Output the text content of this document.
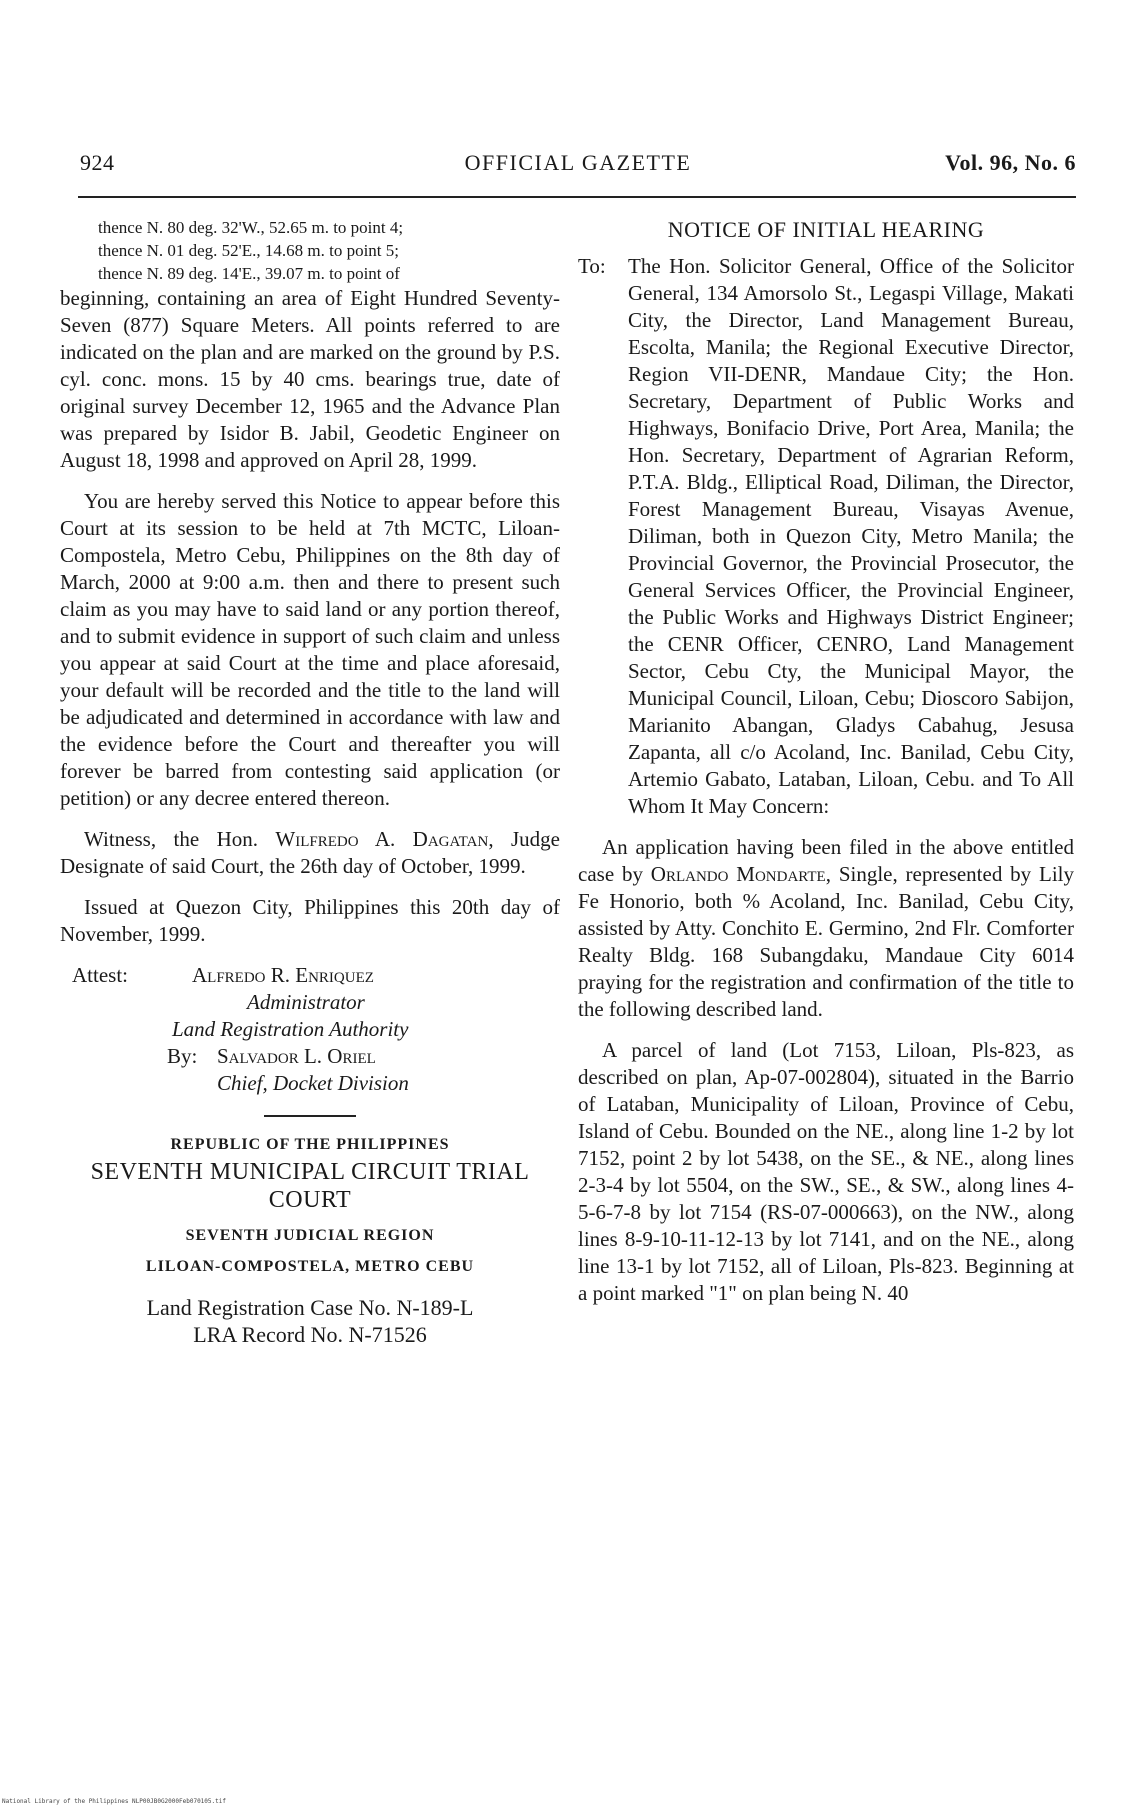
924	OFFICIAL GAZETTE	Vol. 96, No. 6

thence N. 80 deg. 32'W., 52.65 m. to point 4;

thence N. 01 deg. 52'E., 14.68 m. to point 5;

thence N. 89 deg. 14'E., 39.07 m. to point of

beginning, containing an area of Eight Hundred Seventy-Seven (877) Square Meters. All points referred to are indicated on the plan and are marked on the ground by P.S. cyl. conc. mons. 15 by 40 cms. bearings true, date of original survey December 12, 1965 and the Advance Plan was prepared by Isidor B. Jabil, Geodetic Engineer on August 18, 1998 and approved on April 28, 1999.

You are hereby served this Notice to appear before this Court at its session to be held at 7th MCTC, Liloan-Compostela, Metro Cebu, Philippines on the 8th day of March, 2000 at 9:00 a.m. then and there to present such claim as you may have to said land or any portion thereof, and to submit evidence in support of such claim and unless you appear at said Court at the time and place aforesaid, your default will be recorded and the title to the land will be adjudicated and determined in accordance with law and the evidence before the Court and thereafter you will forever be barred from contesting said application (or petition) or any decree entered thereon.

Witness, the Hon. Wilfredo A. Dagatan, Judge Designate of said Court, the 26th day of October, 1999.

Issued at Quezon City, Philippines this 20th day of November, 1999.

Attest:	Alfredo R. Enriquez
Administrator
Land Registration Authority
By: Salvador L. Oriel
Chief, Docket Division
REPUBLIC OF THE PHILIPPINES
SEVENTH MUNICIPAL CIRCUIT TRIAL COURT
SEVENTH JUDICIAL REGION
LILOAN-COMPOSTELA, METRO CEBU
Land Registration Case No. N-189-L
LRA Record No. N-71526
NOTICE OF INITIAL HEARING
To:	The Hon. Solicitor General, Office of the Solicitor General, 134 Amorsolo St., Legaspi Village, Makati City, the Director, Land Management Bureau, Escolta, Manila; the Regional Executive Director, Region VII-DENR, Mandaue City; the Hon. Secretary, Department of Public Works and Highways, Bonifacio Drive, Port Area, Manila; the Hon. Secretary, Department of Agrarian Reform, P.T.A. Bldg., Elliptical Road, Diliman, the Director, Forest Management Bureau, Visayas Avenue, Diliman, both in Quezon City, Metro Manila; the Provincial Governor, the Provincial Prosecutor, the General Services Officer, the Provincial Engineer, the Public Works and Highways District Engineer; the CENR Officer, CENRO, Land Management Sector, Cebu Cty, the Municipal Mayor, the Municipal Council, Liloan, Cebu; Dioscoro Sabijon, Marianito Abangan, Gladys Cabahug, Jesusa Zapanta, all c/o Acoland, Inc. Banilad, Cebu City, Artemio Gabato, Lataban, Liloan, Cebu. and To All Whom It May Concern:

An application having been filed in the above entitled case by Orlando Mondarte, Single, represented by Lily Fe Honorio, both % Acoland, Inc. Banilad, Cebu City, assisted by Atty. Conchito E. Germino, 2nd Flr. Comforter Realty Bldg. 168 Subangdaku, Mandaue City 6014 praying for the registration and confirmation of the title to the following described land.

A parcel of land (Lot 7153, Liloan, Pls-823, as described on plan, Ap-07-002804), situated in the Barrio of Lataban, Municipality of Liloan, Province of Cebu, Island of Cebu. Bounded on the NE., along line 1-2 by lot 7152, point 2 by lot 5438, on the SE., & NE., along lines 2-3-4 by lot 5504, on the SW., SE., & SW., along lines 4-5-6-7-8 by lot 7154 (RS-07-000663), on the NW., along lines 8-9-10-11-12-13 by lot 7141, and on the NE., along line 13-1 by lot 7152, all of Liloan, Pls-823. Beginning at a point marked "1" on plan being N. 40

National Library of the Philippines NLP00JB0G2000Feb070105.tif
